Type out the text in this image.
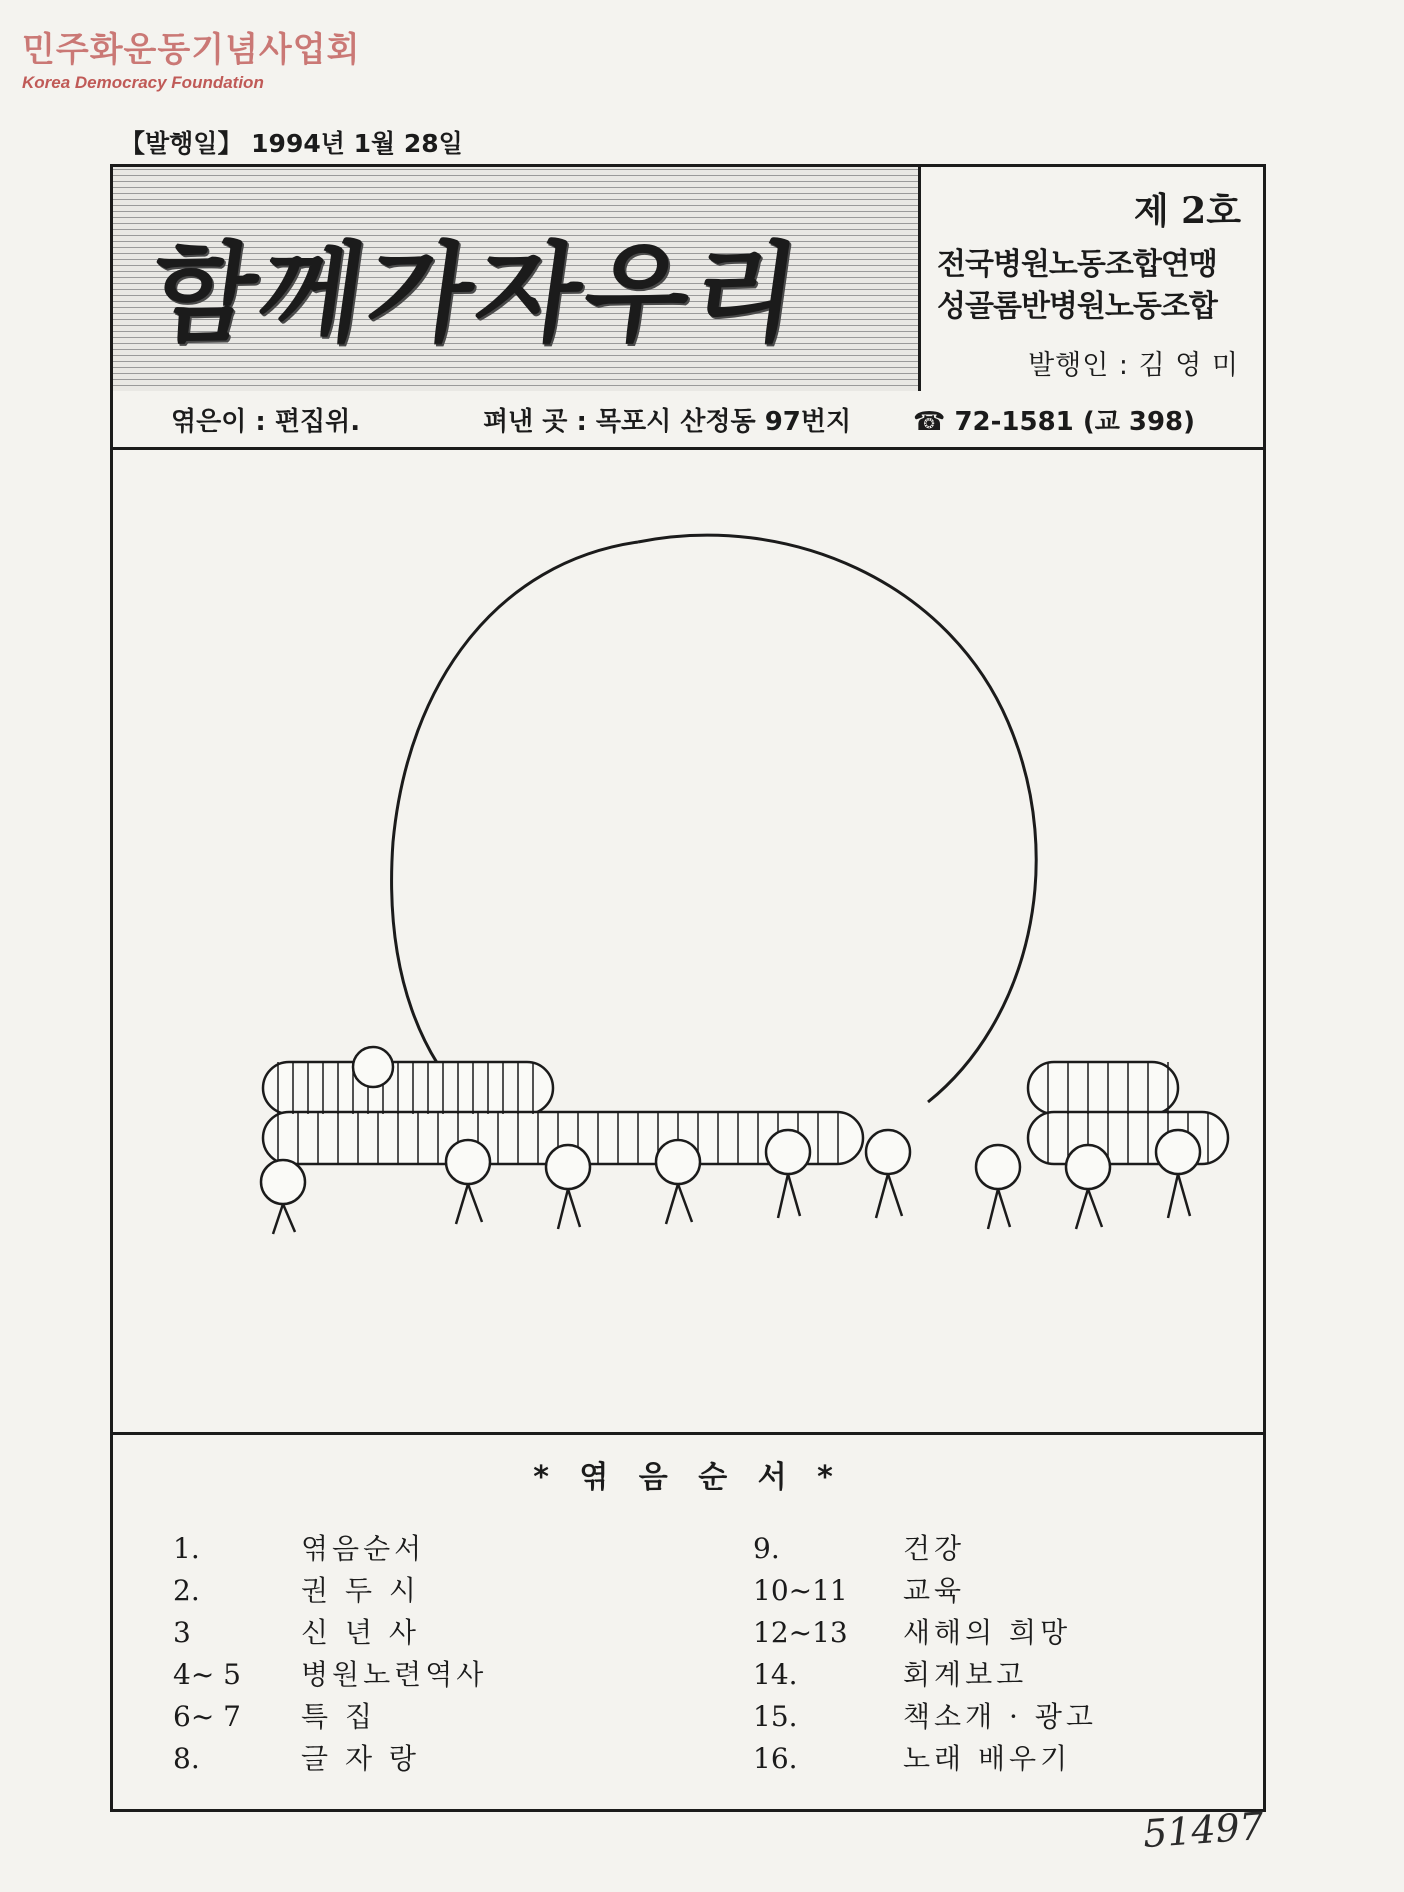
민주화운동기념사업회
Korea Democracy Foundation
【발행일】 1994년 1월 28일
함께가자우리
제 2호
전국병원노동조합연맹
성골롬반병원노동조합
발행인 : 김 영 미
엮은이 : 편집위.	펴낸 곳 : 목포시 산정동 97번지 ☎ 72-1581 (교 398)
* 엮 음 순 서 *
1.	엮음순서
2.	권 두 시
3	신 년 사
4~ 5 병원노련역사
6~ 7 특 집
8.	글 자 랑
9.	건강
10~11 교육
12~13 새해의 희망
14.	회계보고
15.	책소개 · 광고
16.	노래 배우기
51497
